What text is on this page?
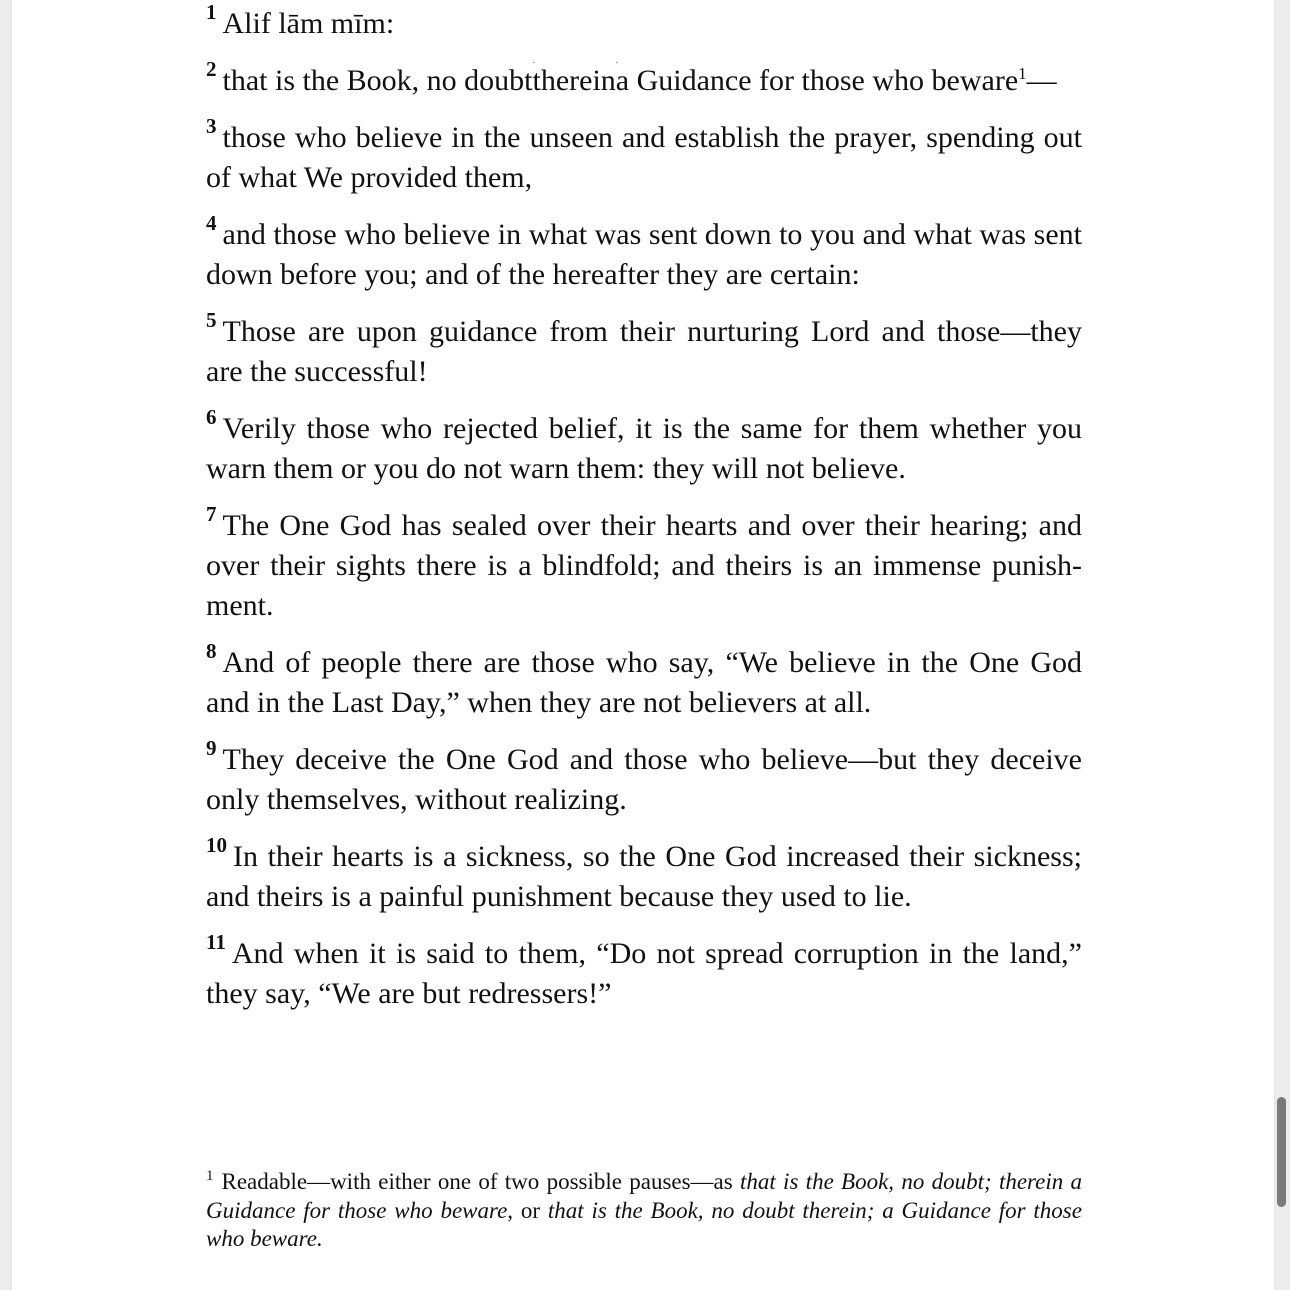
$^1$ Alif lām mīm:

$^2$ that is the Book, no doubtthereina Guidance for those who beware$^1$—

$^3$ those who believe in the unseen and establish the prayer, spending out of what We provided them,

$^4$ and those who believe in what was sent down to you and what was sent down before you; and of the hereafter they are certain:

$^5$ Those are upon guidance from their nurturing Lord and those—they are the successful!

$^6$ Verily those who rejected belief, it is the same for them whether you warn them or you do not warn them: they will not believe.

$^7$ The One God has sealed over their hearts and over their hearing; and over their sights there is a blindfold; and theirs is an immense punishment.

$^8$ And of people there are those who say, “We believe in the One God and in the Last Day,” when they are not believers at all.

$^9$ They deceive the One God and those who believe—but they deceive only themselves, without realizing.

$^{10}$ In their hearts is a sickness, so the One God increased their sickness; and theirs is a painful punishment because they used to lie.

$^{11}$ And when it is said to them, “Do not spread corruption in the land,” they say, “We are but redressers!”

$^1$ Readable—with either one of two possible pauses—as that is the Book, no doubt; therein a Guidance for those who beware, or that is the Book, no doubt therein; a Guidance for those who beware.
